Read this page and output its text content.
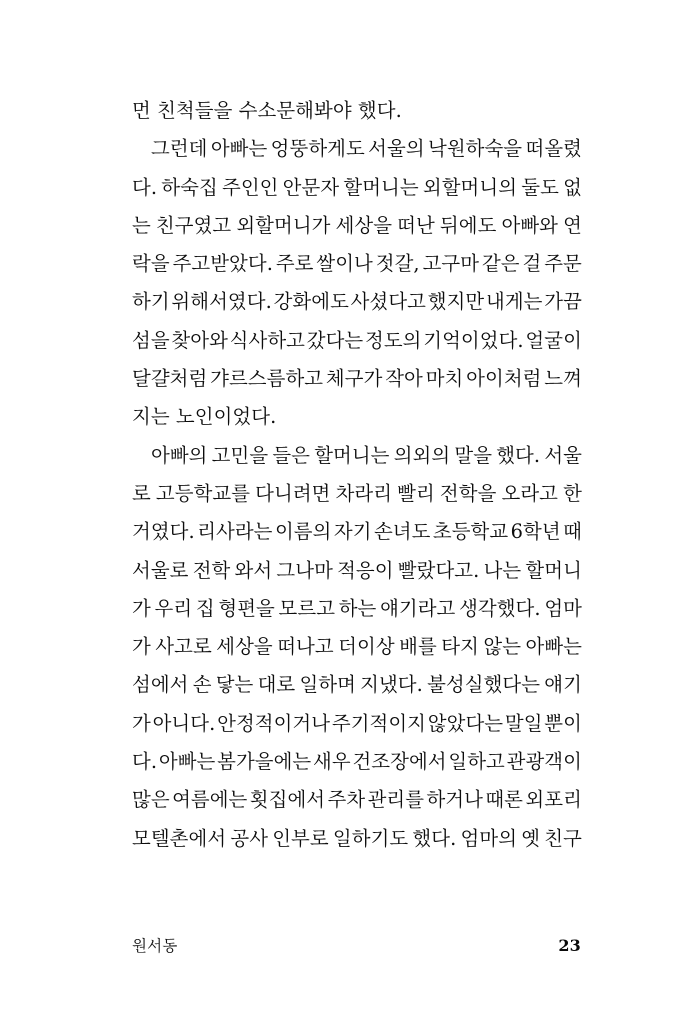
먼 친척들을 수소문해봐야 했다.
그런데 아빠는 엉뚱하게도 서울의 낙원하숙을 떠올렸
다. 하숙집 주인인 안문자 할머니는 외할머니의 둘도 없
는 친구였고 외할머니가 세상을 떠난 뒤에도 아빠와 연
락을 주고받았다. 주로 쌀이나 젓갈, 고구마 같은 걸 주문
하기 위해서였다. 강화에도 사셨다고 했지만 내게는 가끔
섬을 찾아와 식사하고 갔다는 정도의 기억이었다. 얼굴이
달걀처럼 갸르스름하고 체구가 작아 마치 아이처럼 느껴
지는 노인이었다.
아빠의 고민을 들은 할머니는 의외의 말을 했다. 서울
로 고등학교를 다니려면 차라리 빨리 전학을 오라고 한
거였다. 리사라는 이름의 자기 손녀도 초등학교 6학년 때
서울로 전학 와서 그나마 적응이 빨랐다고. 나는 할머니
가 우리 집 형편을 모르고 하는 얘기라고 생각했다. 엄마
가 사고로 세상을 떠나고 더이상 배를 타지 않는 아빠는
섬에서 손 닿는 대로 일하며 지냈다. 불성실했다는 얘기
가 아니다. 안정적이거나 주기적이지 않았다는 말일 뿐이
다. 아빠는 봄가을에는 새우 건조장에서 일하고 관광객이
많은 여름에는 횟집에서 주차 관리를 하거나 때론 외포리
모텔촌에서 공사 인부로 일하기도 했다. 엄마의 옛 친구
원서동	23
